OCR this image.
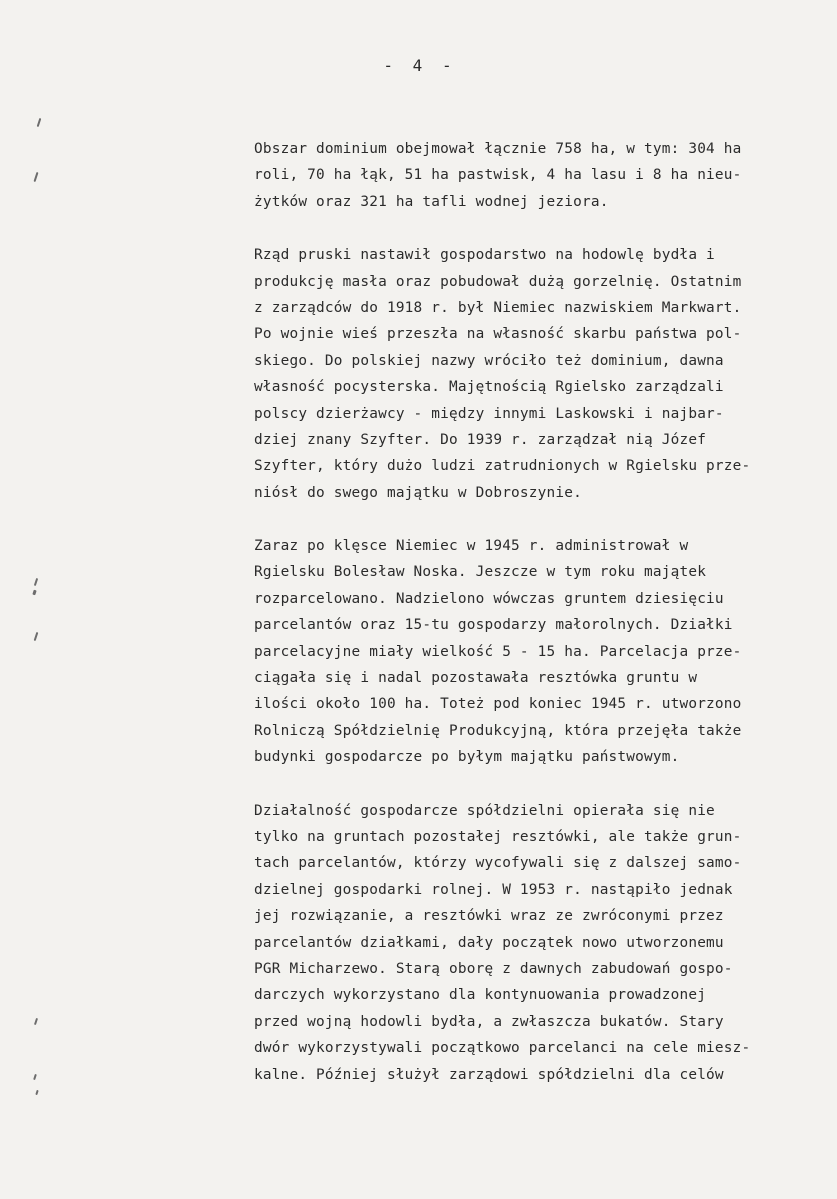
- 4 -
Obszar dominium obejmował łącznie 758 ha, w tym: 304 ha
roli, 70 ha łąk, 51 ha pastwisk, 4 ha lasu i 8 ha nieu-
żytków oraz 321 ha tafli wodnej jeziora.
Rząd pruski nastawił gospodarstwo na hodowlę bydła i
produkcję masła oraz pobudował dużą gorzelnię. Ostatnim
z zarządców do 1918 r. był Niemiec nazwiskiem Markwart.
Po wojnie wieś przeszła na własność skarbu państwa pol-
skiego. Do polskiej nazwy wróciło też dominium, dawna
własność pocysterska. Majętnością Rgielsko zarządzali
polscy dzierżawcy - między innymi Laskowski i najbar-
dziej znany Szyfter. Do 1939 r. zarządzał nią Józef
Szyfter, który dużo ludzi zatrudnionych w Rgielsku prze-
niósł do swego majątku w Dobroszynie.
Zaraz po klęsce Niemiec w 1945 r. administrował w
Rgielsku Bolesław Noska. Jeszcze w tym roku majątek
rozparcelowano. Nadzielono wówczas gruntem dziesięciu
parcelantów oraz 15-tu gospodarzy małorolnych. Działki
parcelacyjne miały wielkość 5 - 15 ha. Parcelacja prze-
ciągała się i nadal pozostawała resztówka gruntu w
ilości około 100 ha. Toteż pod koniec 1945 r. utworzono
Rolniczą Spółdzielnię Produkcyjną, która przejęła także
budynki gospodarcze po byłym majątku państwowym.
Działalność gospodarcze spółdzielni opierała się nie
tylko na gruntach pozostałej resztówki, ale także grun-
tach parcelantów, którzy wycofywali się z dalszej samo-
dzielnej gospodarki rolnej. W 1953 r. nastąpiło jednak
jej rozwiązanie, a resztówki wraz ze zwróconymi przez
parcelantów działkami, dały początek nowo utworzonemu
PGR Micharzewo. Starą oborę z dawnych zabudowań gospo-
darczych wykorzystano dla kontynuowania prowadzonej
przed wojną hodowli bydła, a zwłaszcza bukatów. Stary
dwór wykorzystywali początkowo parcelanci na cele miesz-
kalne. Później służył zarządowi spółdzielni dla celów
